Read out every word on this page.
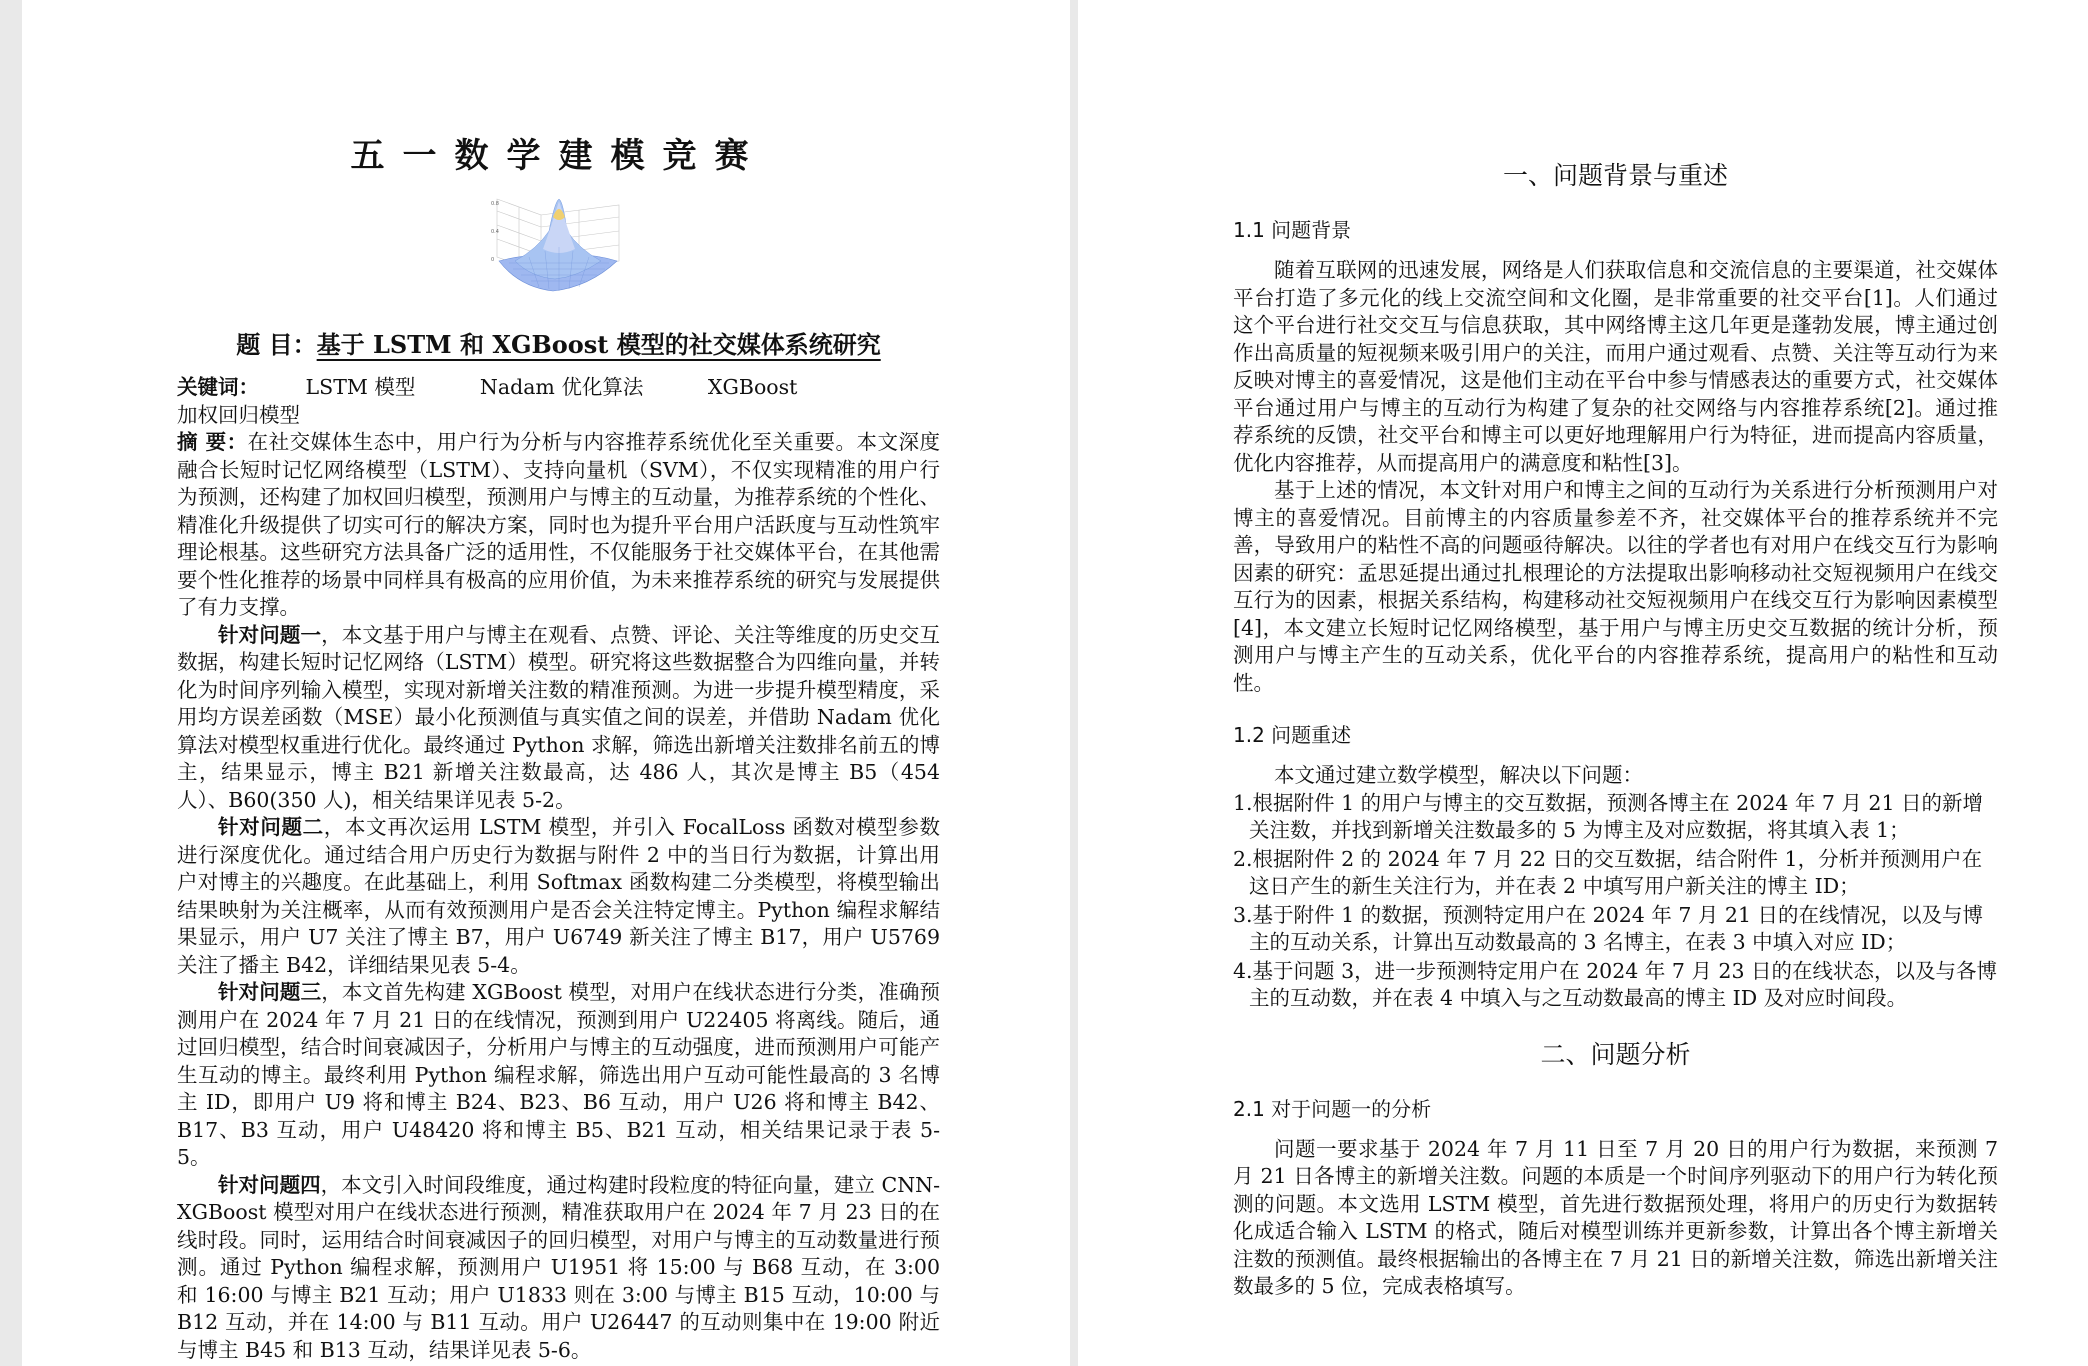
五一数学建模竞赛
0.8
0.4
0
题 目：基于 LSTM 和 XGBoost 模型的社交媒体系统研究
关键词： LSTM 模型	Nadam 优化算法	XGBoost 加权回归模型

摘 要：在社交媒体生态中，用户行为分析与内容推荐系统优化至关重要。本文深度融合长短时记忆网络模型（LSTM）、支持向量机（SVM），不仅实现精准的用户行为预测，还构建了加权回归模型，预测用户与博主的互动量，为推荐系统的个性化、精准化升级提供了切实可行的解决方案，同时也为提升平台用户活跃度与互动性筑牢理论根基。这些研究方法具备广泛的适用性，不仅能服务于社交媒体平台，在其他需要个性化推荐的场景中同样具有极高的应用价值，为未来推荐系统的研究与发展提供了有力支撑。

针对问题一，本文基于用户与博主在观看、点赞、评论、关注等维度的历史交互数据，构建长短时记忆网络（LSTM）模型。研究将这些数据整合为四维向量，并转化为时间序列输入模型，实现对新增关注数的精准预测。为进一步提升模型精度，采用均方误差函数（MSE）最小化预测值与真实值之间的误差，并借助 Nadam 优化算法对模型权重进行优化。最终通过 Python 求解，筛选出新增关注数排名前五的博主，结果显示，博主 B21 新增关注数最高，达 486 人，其次是博主 B5（454 人）、B60(350 人)，相关结果详见表 5-2。

针对问题二，本文再次运用 LSTM 模型，并引入 FocalLoss 函数对模型参数进行深度优化。通过结合用户历史行为数据与附件 2 中的当日行为数据，计算出用户对博主的兴趣度。在此基础上，利用 Softmax 函数构建二分类模型，将模型输出结果映射为关注概率，从而有效预测用户是否会关注特定博主。Python 编程求解结果显示，用户 U7 关注了博主 B7，用户 U6749 新关注了博主 B17，用户 U5769 关注了播主 B42，详细结果见表 5-4。

针对问题三，本文首先构建 XGBoost 模型，对用户在线状态进行分类，准确预测用户在 2024 年 7 月 21 日的在线情况，预测到用户 U22405 将离线。随后，通过回归模型，结合时间衰减因子，分析用户与博主的互动强度，进而预测用户可能产生互动的博主。最终利用 Python 编程求解，筛选出用户互动可能性最高的 3 名博主 ID，即用户 U9 将和博主 B24、B23、B6 互动，用户 U26 将和博主 B42、B17、B3 互动，用户 U48420 将和博主 B5、B21 互动，相关结果记录于表 5-5。

针对问题四，本文引入时间段维度，通过构建时段粒度的特征向量，建立 CNN-XGBoost 模型对用户在线状态进行预测，精准获取用户在 2024 年 7 月 23 日的在线时段。同时，运用结合时间衰减因子的回归模型，对用户与博主的互动数量进行预测。通过 Python 编程求解，预测用户 U1951 将 15:00 与 B68 互动，在 3:00 和 16:00 与博主 B21 互动；用户 U1833 则在 3:00 与博主 B15 互动，10:00 与 B12 互动，并在 14:00 与 B11 互动。用户 U26447 的互动则集中在 19:00 附近与博主 B45 和 B13 互动，结果详见表 5-6。

一、问题背景与重述
1.1 问题背景

随着互联网的迅速发展，网络是人们获取信息和交流信息的主要渠道，社交媒体平台打造了多元化的线上交流空间和文化圈，是非常重要的社交平台[1]。人们通过这个平台进行社交交互与信息获取，其中网络博主这几年更是蓬勃发展，博主通过创作出高质量的短视频来吸引用户的关注，而用户通过观看、点赞、关注等互动行为来反映对博主的喜爱情况，这是他们主动在平台中参与情感表达的重要方式，社交媒体平台通过用户与博主的互动行为构建了复杂的社交网络与内容推荐系统[2]。通过推荐系统的反馈，社交平台和博主可以更好地理解用户行为特征，进而提高内容质量，优化内容推荐，从而提高用户的满意度和粘性[3]。

基于上述的情况，本文针对用户和博主之间的互动行为关系进行分析预测用户对博主的喜爱情况。目前博主的内容质量参差不齐，社交媒体平台的推荐系统并不完善，导致用户的粘性不高的问题亟待解决。以往的学者也有对用户在线交互行为影响因素的研究：孟思延提出通过扎根理论的方法提取出影响移动社交短视频用户在线交互行为的因素，根据关系结构，构建移动社交短视频用户在线交互行为影响因素模型[4]，本文建立长短时记忆网络模型，基于用户与博主历史交互数据的统计分析，预测用户与博主产生的互动关系，优化平台的内容推荐系统，提高用户的粘性和互动性。

1.2 问题重述

本文通过建立数学模型，解决以下问题：

1.根据附件 1 的用户与博主的交互数据，预测各博主在 2024 年 7 月 21 日的新增关注数，并找到新增关注数最多的 5 为博主及对应数据，将其填入表 1；

2.根据附件 2 的 2024 年 7 月 22 日的交互数据，结合附件 1，分析并预测用户在这日产生的新生关注行为，并在表 2 中填写用户新关注的博主 ID；

3.基于附件 1 的数据，预测特定用户在 2024 年 7 月 21 日的在线情况，以及与博主的互动关系，计算出互动数最高的 3 名博主，在表 3 中填入对应 ID；

4.基于问题 3，进一步预测特定用户在 2024 年 7 月 23 日的在线状态，以及与各博主的互动数，并在表 4 中填入与之互动数最高的博主 ID 及对应时间段。

二、问题分析
2.1 对于问题一的分析

问题一要求基于 2024 年 7 月 11 日至 7 月 20 日的用户行为数据，来预测 7 月 21 日各博主的新增关注数。问题的本质是一个时间序列驱动下的用户行为转化预测的问题。本文选用 LSTM 模型，首先进行数据预处理，将用户的历史行为数据转化成适合输入 LSTM 的格式，随后对模型训练并更新参数，计算出各个博主新增关注数的预测值。最终根据输出的各博主在 7 月 21 日的新增关注数，筛选出新增关注数最多的 5 位，完成表格填写。
